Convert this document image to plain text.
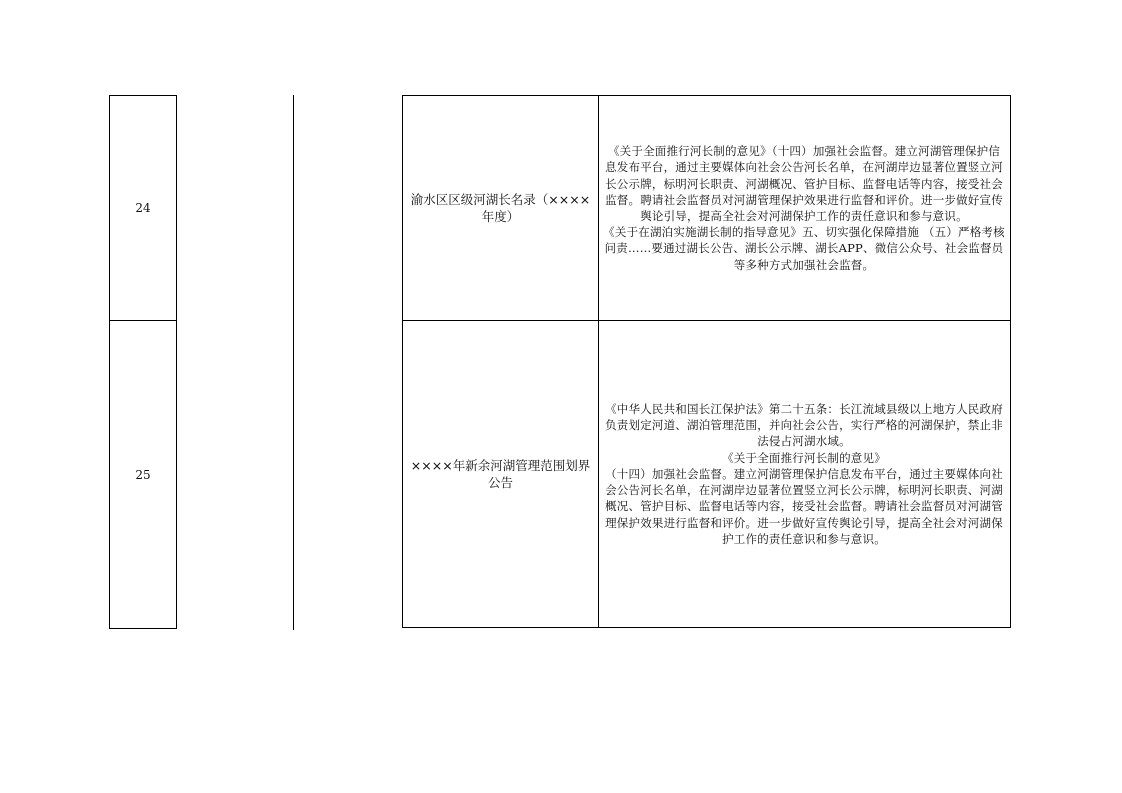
24
25
渝水区区级河湖长名录（××××年度）

《关于全面推行河长制的意见》（十四）加强社会监督。建立河湖管理保护信息发布平台，通过主要媒体向社会公告河长名单，在河湖岸边显著位置竖立河长公示牌，标明河长职责、河湖概况、管护目标、监督电话等内容，接受社会监督。聘请社会监督员对河湖管理保护效果进行监督和评价。进一步做好宣传舆论引导，提高全社会对河湖保护工作的责任意识和参与意识。

《关于在湖泊实施湖长制的指导意见》五、切实强化保障措施 （五）严格考核问责……要通过湖长公告、湖长公示牌、湖长APP、微信公众号、社会监督员等多种方式加强社会监督。

××××年新余河湖管理范围划界公告

《中华人民共和国长江保护法》第二十五条：长江流域县级以上地方人民政府负责划定河道、湖泊管理范围，并向社会公告，实行严格的河湖保护，禁止非法侵占河湖水域。

《关于全面推行河长制的意见》

（十四）加强社会监督。建立河湖管理保护信息发布平台，通过主要媒体向社会公告河长名单，在河湖岸边显著位置竖立河长公示牌，标明河长职责、河湖概况、管护目标、监督电话等内容，接受社会监督。聘请社会监督员对河湖管理保护效果进行监督和评价。进一步做好宣传舆论引导，提高全社会对河湖保护工作的责任意识和参与意识。
